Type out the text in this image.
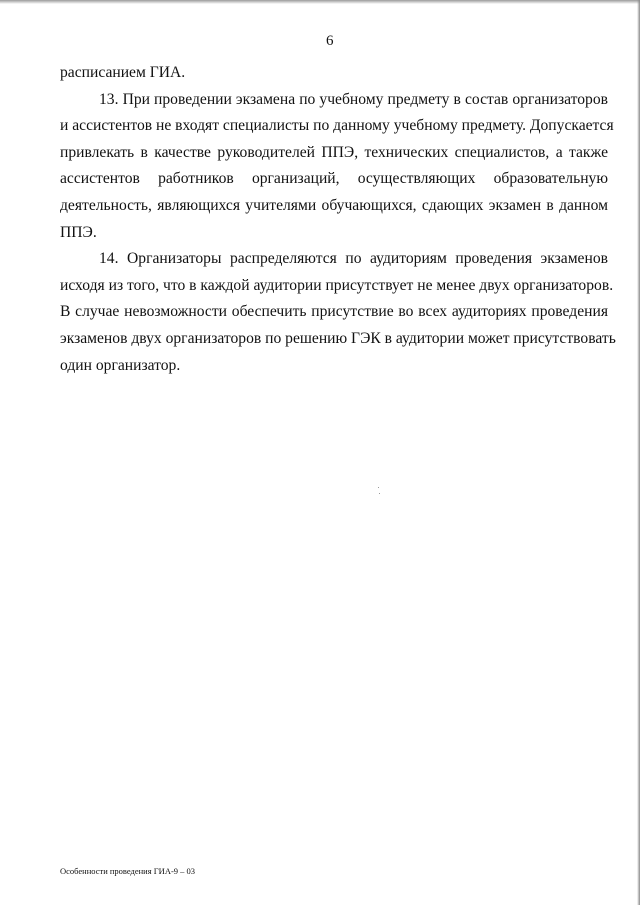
6
расписанием ГИА.
13. При проведении экзамена по учебному предмету в состав организаторов
и ассистентов не входят специалисты по данному учебному предмету. Допускается
привлекать в качестве руководителей ППЭ, технических специалистов, а также
ассистентов работников организаций, осуществляющих образовательную
деятельность, являющихся учителями обучающихся, сдающих экзамен в данном
ППЭ.
14. Организаторы распределяются по аудиториям проведения экзаменов
исходя из того, что в каждой аудитории присутствует не менее двух организаторов.
В случае невозможности обеспечить присутствие во всех аудиториях проведения
экзаменов двух организаторов по решению ГЭК в аудитории может присутствовать
один организатор.
Особенности проведения ГИА-9 – 03
